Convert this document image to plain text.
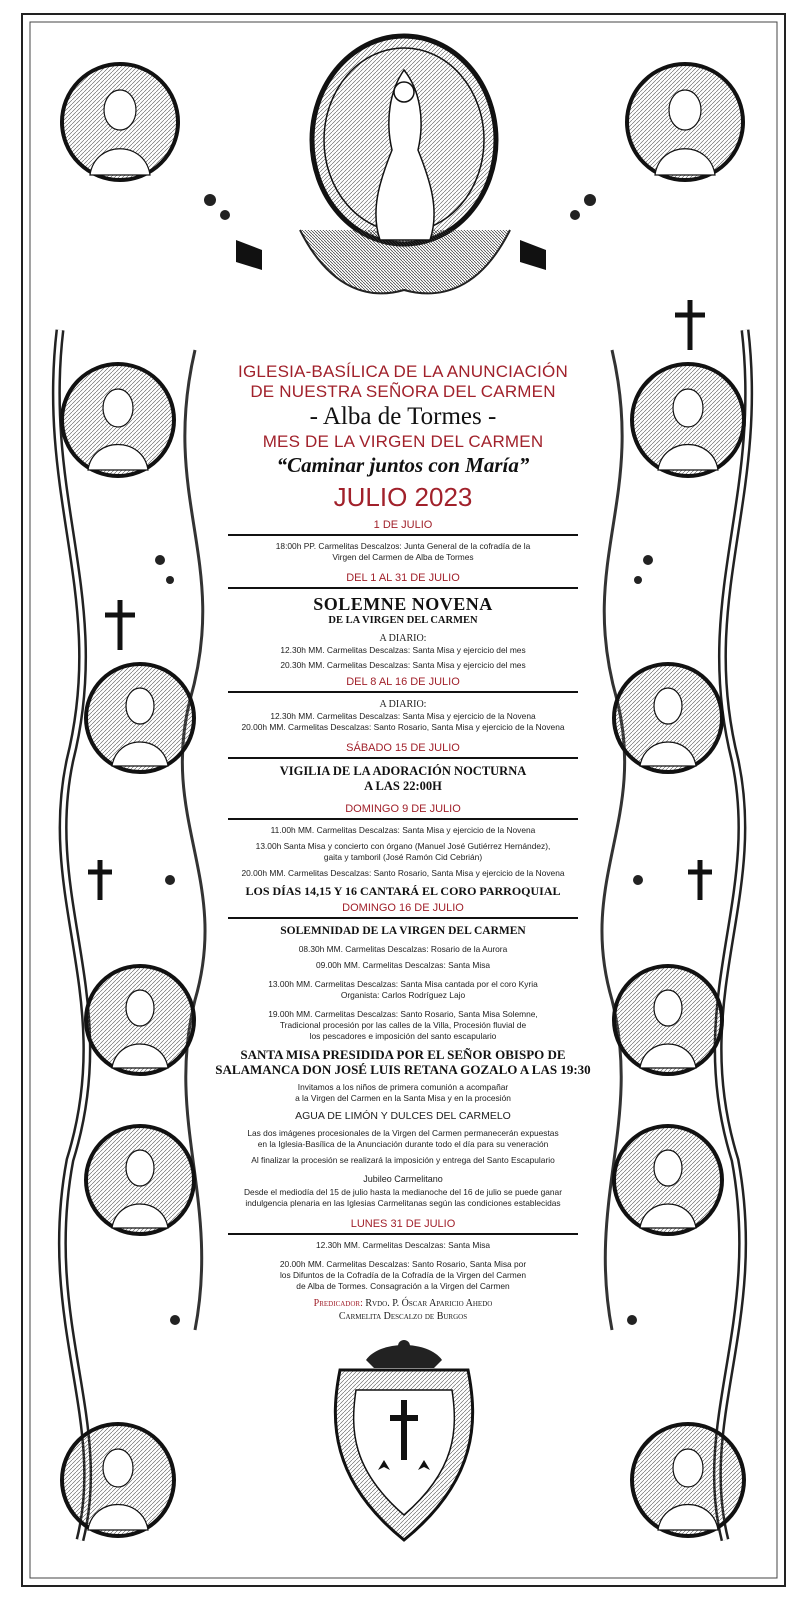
IGLESIA-BASÍLICA DE LA ANUNCIACIÓN
DE NUESTRA SEÑORA DEL CARMEN
- Alba de Tormes -
MES DE LA VIRGEN DEL CARMEN
“Caminar juntos con María”
JULIO 2023
1 DE JULIO
18:00h PP. Carmelitas Descalzos: Junta General de la cofradía de la
Virgen del Carmen de Alba de Tormes
DEL 1 AL 31 DE JULIO
SOLEMNE NOVENA
DE LA VIRGEN DEL CARMEN
A DIARIO:
12.30h MM. Carmelitas Descalzas: Santa Misa y ejercicio del mes
20.30h MM. Carmelitas Descalzas: Santa Misa y ejercicio del mes
DEL 8 AL 16 DE JULIO
A DIARIO:
12.30h MM. Carmelitas Descalzas: Santa Misa y ejercicio de la Novena
20.00h MM. Carmelitas Descalzas: Santo Rosario, Santa Misa y ejercicio de la Novena
SÁBADO 15 DE JULIO
VIGILIA DE LA ADORACIÓN NOCTURNA
A LAS 22:00H
DOMINGO 9 DE JULIO
11.00h MM. Carmelitas Descalzas: Santa Misa y ejercicio de la Novena
13.00h Santa Misa y concierto con órgano (Manuel José Gutiérrez Hernández),
gaita y tamboril (José Ramón Cid Cebrián)
20.00h MM. Carmelitas Descalzas: Santo Rosario, Santa Misa y ejercicio de la Novena
LOS DÍAS 14,15 Y 16 CANTARÁ EL CORO PARROQUIAL
DOMINGO 16 DE JULIO
SOLEMNIDAD DE LA VIRGEN DEL CARMEN
08.30h MM. Carmelitas Descalzas: Rosario de la Aurora
09.00h MM. Carmelitas Descalzas: Santa Misa
13.00h MM. Carmelitas Descalzas: Santa Misa cantada por el coro Kyria
Organista: Carlos Rodríguez Lajo
19.00h MM. Carmelitas Descalzas: Santo Rosario, Santa Misa Solemne,
Tradicional procesión por las calles de la Villa, Procesión fluvial de
los pescadores e imposición del santo escapulario
SANTA MISA PRESIDIDA POR EL SEÑOR OBISPO DE
SALAMANCA DON JOSÉ LUIS RETANA GOZALO A LAS 19:30
Invitamos a los niños de primera comunión a acompañar
a la Virgen del Carmen en la Santa Misa y en la procesión
AGUA DE LIMÓN Y DULCES DEL CARMELO
Las dos imágenes procesionales de la Virgen del Carmen permanecerán expuestas
en la Iglesia-Basílica de la Anunciación durante todo el día para su veneración
Al finalizar la procesión se realizará la imposición y entrega del Santo Escapulario
Jubileo Carmelitano
Desde el mediodía del 15 de julio hasta la medianoche del 16 de julio se puede ganar
indulgencia plenaria en las Iglesias Carmelitanas según las condiciones establecidas
LUNES 31 DE JULIO
12.30h MM. Carmelitas Descalzas: Santa Misa
20.00h MM. Carmelitas Descalzas: Santo Rosario, Santa Misa por
los Difuntos de la Cofradía de la Cofradía de la Virgen del Carmen
de Alba de Tormes. Consagración a la Virgen del Carmen
Predicador: Rvdo. P. Óscar Aparicio Ahedo
Carmelita Descalzo de Burgos
